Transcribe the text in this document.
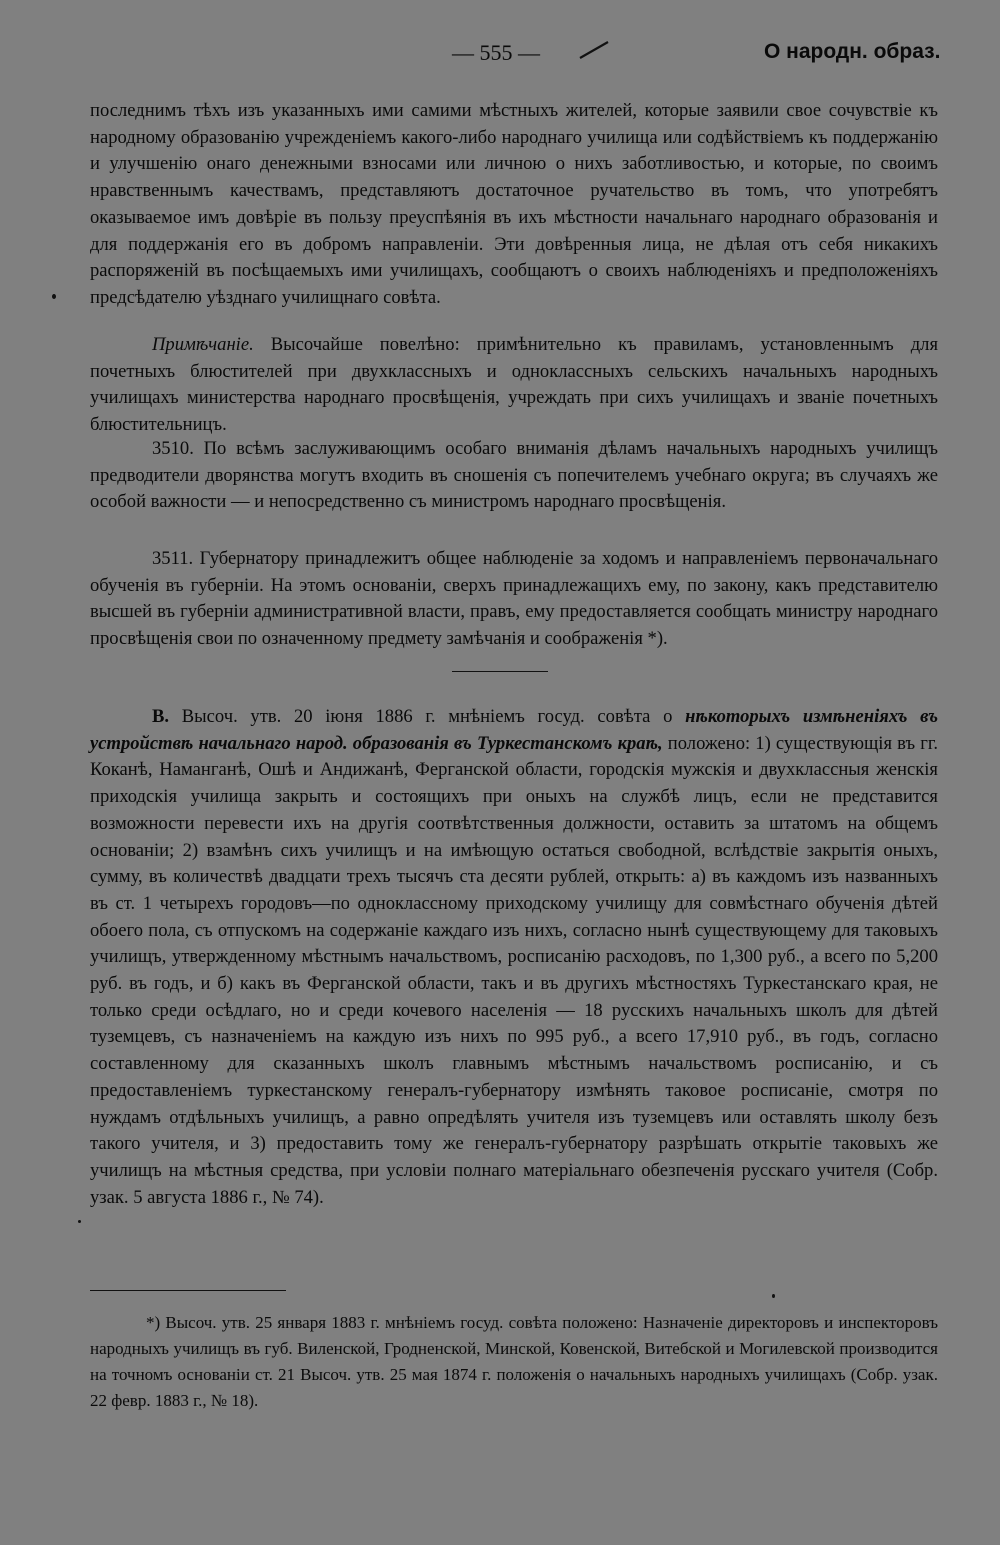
— 555 —	О народн. образ.

последнимъ тѣхъ изъ указанныхъ ими самими мѣстныхъ жителей, которые заявили свое сочувствіе къ народному образованію учрежденіемъ какого-либо народнаго училища или содѣйствіемъ къ поддержанію и улучшенію онаго денежными взносами или личною о нихъ заботливостью, и которые, по своимъ нравственнымъ качествамъ, представляютъ достаточное ручательство въ томъ, что употребятъ оказываемое имъ довѣріе въ пользу преуспѣянія въ ихъ мѣстности начальнаго народнаго образованія и для поддержанія его въ добромъ направленіи. Эти довѣренныя лица, не дѣлая отъ себя никакихъ распоряженій въ посѣщаемыхъ ими училищахъ, сообщаютъ о своихъ наблюденіяхъ и предположеніяхъ предсѣдателю уѣзднаго училищнаго совѣта.

Примѣчаніе. Высочайше повелѣно: примѣнительно къ правиламъ, установленнымъ для почетныхъ блюстителей при двухклассныхъ и одноклассныхъ сельскихъ начальныхъ народныхъ училищахъ министерства народнаго просвѣщенія, учреждать при сихъ училищахъ и званіе почетныхъ блюстительницъ.

3510. По всѣмъ заслуживающимъ особаго вниманія дѣламъ начальныхъ народныхъ училищъ предводители дворянства могутъ входить въ сношенія съ попечителемъ учебнаго округа; въ случаяхъ же особой важности — и непосредственно съ министромъ народнаго просвѣщенія.

3511. Губернатору принадлежитъ общее наблюденіе за ходомъ и направленіемъ первоначальнаго обученія въ губерніи. На этомъ основаніи, сверхъ принадлежащихъ ему, по закону, какъ представителю высшей въ губерніи административной власти, правъ, ему предоставляется сообщать министру народнаго просвѣщенія свои по означенному предмету замѣчанія и соображенія *).

В. Высоч. утв. 20 іюня 1886 г. мнѣніемъ госуд. совѣта о нѣкоторыхъ измѣненіяхъ въ устройствѣ начальнаго народ. образованія въ Туркестанскомъ краѣ, положено: 1) существующія въ гг. Коканѣ, Наманганѣ, Ошѣ и Андижанѣ, Ферганской области, городскія мужскія и двухклассныя женскія приходскія училища закрыть и состоящихъ при оныхъ на службѣ лицъ, если не представится возможности перевести ихъ на другія соотвѣтственныя должности, оставить за штатомъ на общемъ основаніи; 2) взамѣнъ сихъ училищъ и на имѣющую остаться свободной, вслѣдствіе закрытія оныхъ, сумму, въ количествѣ двадцати трехъ тысячъ ста десяти рублей, открыть: а) въ каждомъ изъ названныхъ въ ст. 1 четырехъ городовъ—по одноклассному приходскому училищу для совмѣстнаго обученія дѣтей обоего пола, съ отпускомъ на содержаніе каждаго изъ нихъ, согласно нынѣ существующему для таковыхъ училищъ, утвержденному мѣстнымъ начальствомъ, росписанію расходовъ, по 1,300 руб., а всего по 5,200 руб. въ годъ, и б) какъ въ Ферганской области, такъ и въ другихъ мѣстностяхъ Туркестанскаго края, не только среди осѣдлаго, но и среди кочевого населенія — 18 русскихъ начальныхъ школъ для дѣтей туземцевъ, съ назначеніемъ на каждую изъ нихъ по 995 руб., а всего 17,910 руб., въ годъ, согласно составленному для сказанныхъ школъ главнымъ мѣстнымъ начальствомъ росписанію, и съ предоставленіемъ туркестанскому генералъ-губернатору измѣнять таковое росписаніе, смотря по нуждамъ отдѣльныхъ училищъ, а равно опредѣлять учителя изъ туземцевъ или оставлять школу безъ такого учителя, и 3) предоставить тому же генералъ-губернатору разрѣшать открытіе таковыхъ же училищъ на мѣстныя средства, при условіи полнаго матеріальнаго обезпеченія русскаго учителя (Собр. узак. 5 августа 1886 г., № 74).

*) Высоч. утв. 25 января 1883 г. мнѣніемъ госуд. совѣта положено: Назначеніе директоровъ и инспекторовъ народныхъ училищъ въ губ. Виленской, Гродненской, Минской, Ковенской, Витебской и Могилевской производится на точномъ основаніи ст. 21 Высоч. утв. 25 мая 1874 г. положенія о начальныхъ народныхъ училищахъ (Собр. узак. 22 февр. 1883 г., № 18).
